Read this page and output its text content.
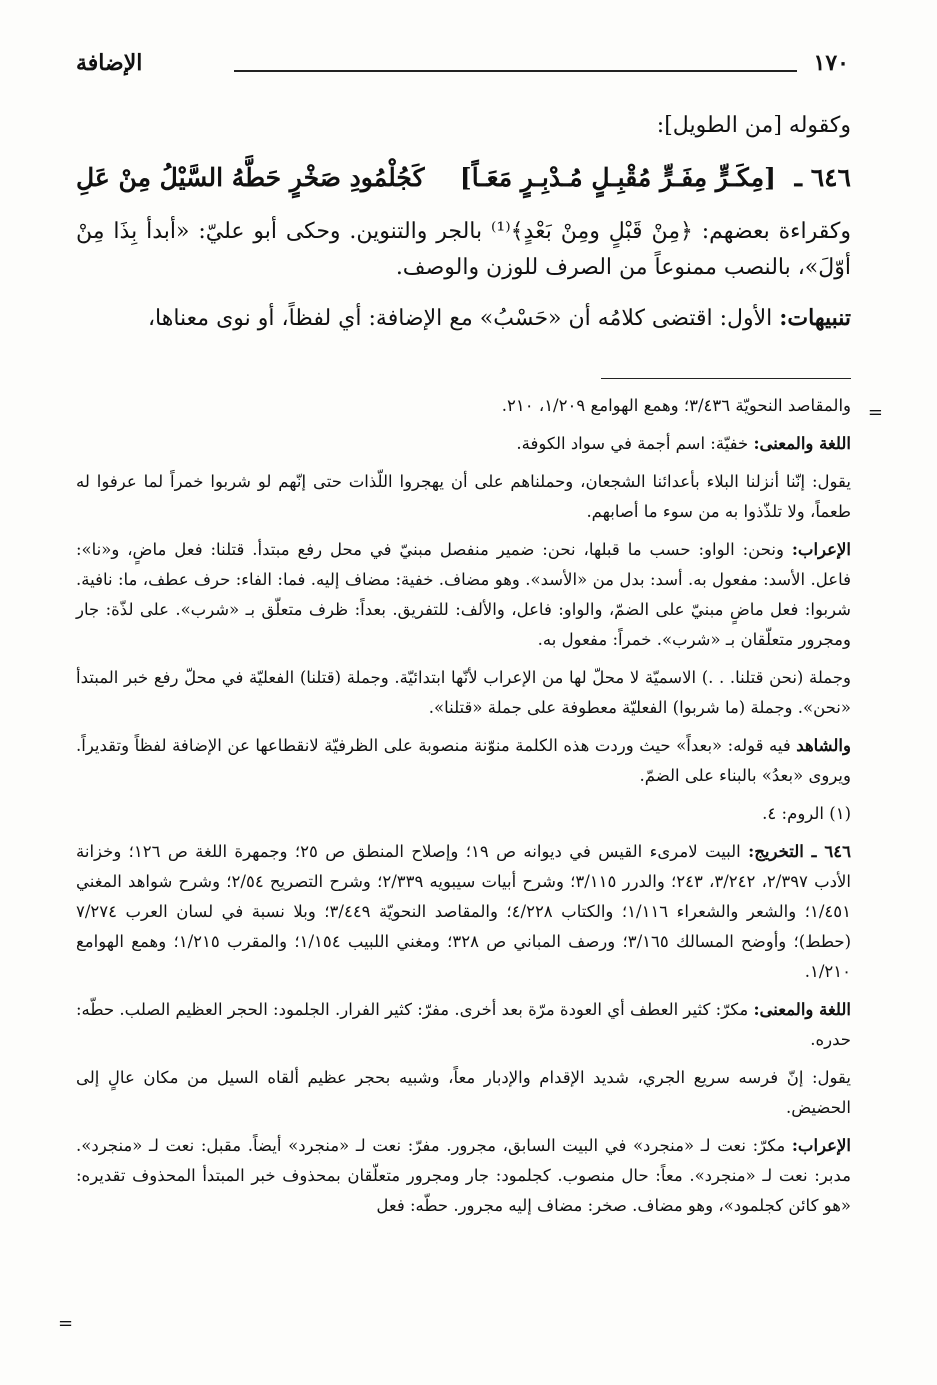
١٧٠
الإضافة

وكقوله [من الطويل]:

٦٤٦ ـ [مِكَـرٍّ مِفَـرٍّ مُقْبِـلٍ مُـدْبِـرٍ مَعَـاً]
كَجُلْمُودِ صَخْرٍ حَطَّهُ السَّيْلُ مِنْ عَلِ

وكقراءة بعضهم: ﴿مِنْ قَبْلٍ ومِنْ بَعْدٍ﴾⁽¹⁾ بالجر والتنوين. وحكى أبو عليّ: «أبدأ بِذَا مِنْ أوّلَ»، بالنصب ممنوعاً من الصرف للوزن والوصف.

تنبيهات: الأول: اقتضى كلامُه أن «حَسْبُ» مع الإضافة: أي لفظاً، أو نوى معناها،

=

والمقاصد النحويّة ٣/٤٣٦؛ وهمع الهوامع ١/٢٠٩، ٢١٠.

اللغة والمعنى: خفيّة: اسم أجمة في سواد الكوفة.

يقول: إنّنا أنزلنا البلاء بأعدائنا الشجعان، وحملناهم على أن يهجروا اللّذات حتى إنّهم لو شربوا خمراً لما عرفوا له طعماً، ولا تلذّذوا به من سوء ما أصابهم.

الإعراب: ونحن: الواو: حسب ما قبلها، نحن: ضمير منفصل مبنيّ في محل رفع مبتدأ. قتلنا: فعل ماضٍ، و«نا»: فاعل. الأسد: مفعول به. أسد: بدل من «الأسد». وهو مضاف. خفية: مضاف إليه. فما: الفاء: حرف عطف، ما: نافية. شربوا: فعل ماضٍ مبنيّ على الضمّ، والواو: فاعل، والألف: للتفريق. بعداً: ظرف متعلّق بـ «شرب». على لذّة: جار ومجرور متعلّقان بـ «شرب». خمراً: مفعول به.

وجملة (نحن قتلنا. . .) الاسميّة لا محلّ لها من الإعراب لأنّها ابتدائيّة. وجملة (قتلنا) الفعليّة في محلّ رفع خبر المبتدأ «نحن». وجملة (ما شربوا) الفعليّة معطوفة على جملة «قتلنا».

والشاهد فيه قوله: «بعداً» حيث وردت هذه الكلمة منوّنة منصوبة على الظرفيّة لانقطاعها عن الإضافة لفظاً وتقديراً. ويروى «بعدُ» بالبناء على الضمّ.

(١) الروم: ٤.

٦٤٦ ـ التخريج: البيت لامرىء القيس في ديوانه ص ١٩؛ وإصلاح المنطق ص ٢٥؛ وجمهرة اللغة ص ١٢٦؛ وخزانة الأدب ٢/٣٩٧، ٣/٢٤٢، ٢٤٣؛ والدرر ٣/١١٥؛ وشرح أبيات سيبويه ٢/٣٣٩؛ وشرح التصريح ٢/٥٤؛ وشرح شواهد المغني ١/٤٥١؛ والشعر والشعراء ١/١١٦؛ والكتاب ٤/٢٢٨؛ والمقاصد النحويّة ٣/٤٤٩؛ وبلا نسبة في لسان العرب ٧/٢٧٤ (حطط)؛ وأوضح المسالك ٣/١٦٥؛ ورصف المباني ص ٣٢٨؛ ومغني اللبيب ١/١٥٤؛ والمقرب ١/٢١٥؛ وهمع الهوامع ١/٢١٠.

اللغة والمعنى: مكرّ: كثير العطف أي العودة مرّة بعد أخرى. مفرّ: كثير الفرار. الجلمود: الحجر العظيم الصلب. حطّه: حدره.

يقول: إنّ فرسه سريع الجري، شديد الإقدام والإدبار معاً، وشبيه بحجر عظيم ألقاه السيل من مكان عالٍ إلى الحضيض.

الإعراب: مكرّ: نعت لـ «منجرد» في البيت السابق، مجرور. مفرّ: نعت لـ «منجرد» أيضاً. مقبل: نعت لـ «منجرد». مدبر: نعت لـ «منجرد». معاً: حال منصوب. كجلمود: جار ومجرور متعلّقان بمحذوف خبر المبتدأ المحذوف تقديره: «هو كائن كجلمود»، وهو مضاف. صخر: مضاف إليه مجرور. حطّه: فعل

=
